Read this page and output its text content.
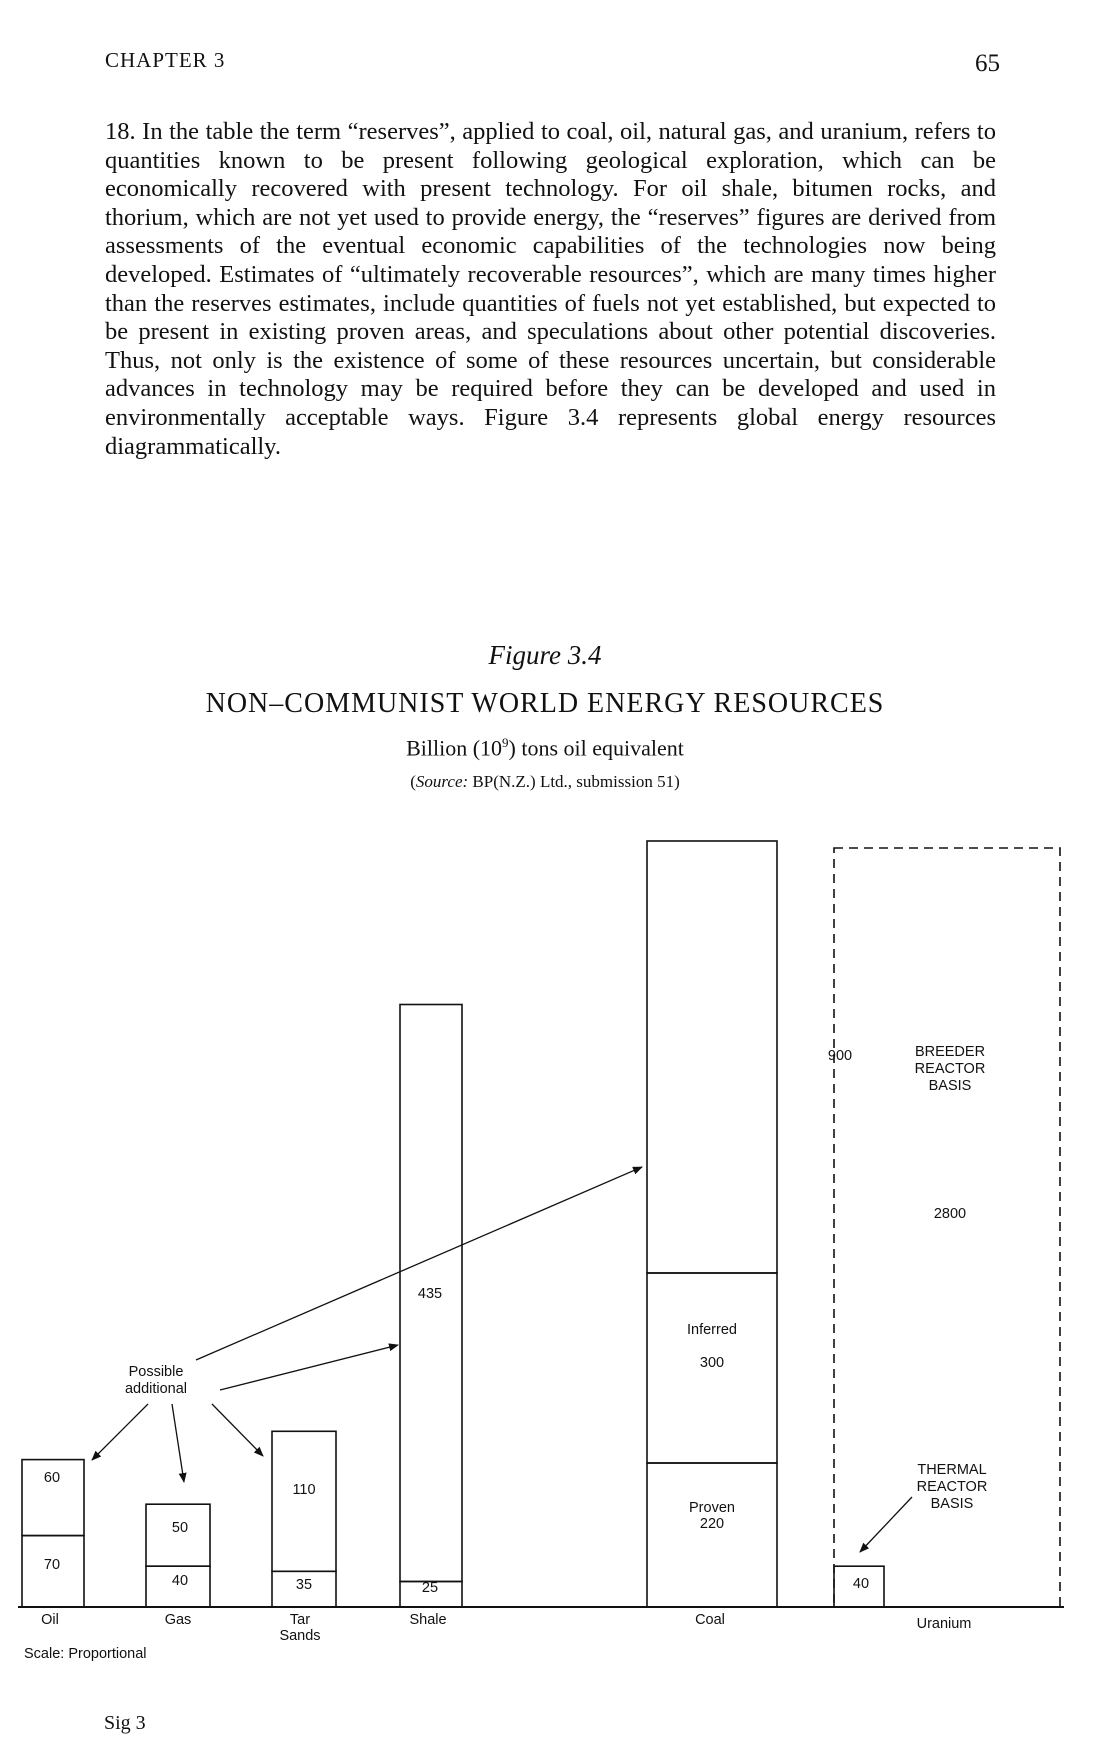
CHAPTER 3	65
18. In the table the term “reserves”, applied to coal, oil, natural gas, and uranium, refers to quantities known to be present following geological exploration, which can be economically recovered with present technology. For oil shale, bitumen rocks, and thorium, which are not yet used to provide energy, the “reserves” figures are derived from assessments of the eventual economic capabilities of the technologies now being developed. Estimates of “ultimately recoverable resources”, which are many times higher than the reserves estimates, include quantities of fuels not yet established, but expected to be present in existing proven areas, and speculations about other potential discoveries. Thus, not only is the existence of some of these resources uncertain, but considerable advances in technology may be required before they can be developed and used in environmentally acceptable ways. Figure 3.4 represents global energy resources diagrammatically.
Figure 3.4
NON–COMMUNIST WORLD ENERGY RESOURCES
Billion $(10^9)$ tons oil equivalent
(Source: BP(N.Z.) Ltd., submission 51)
900
Inferred
300
Proven
220
435
25
110
35
50
40
60
70
40
2800
BREEDER
REACTOR
BASIS
THERMAL
REACTOR
BASIS
Possible
additional
Oil	Gas	Tar
Sands
Shale	Coal	Uranium
Scale: Proportional
Sig 3
